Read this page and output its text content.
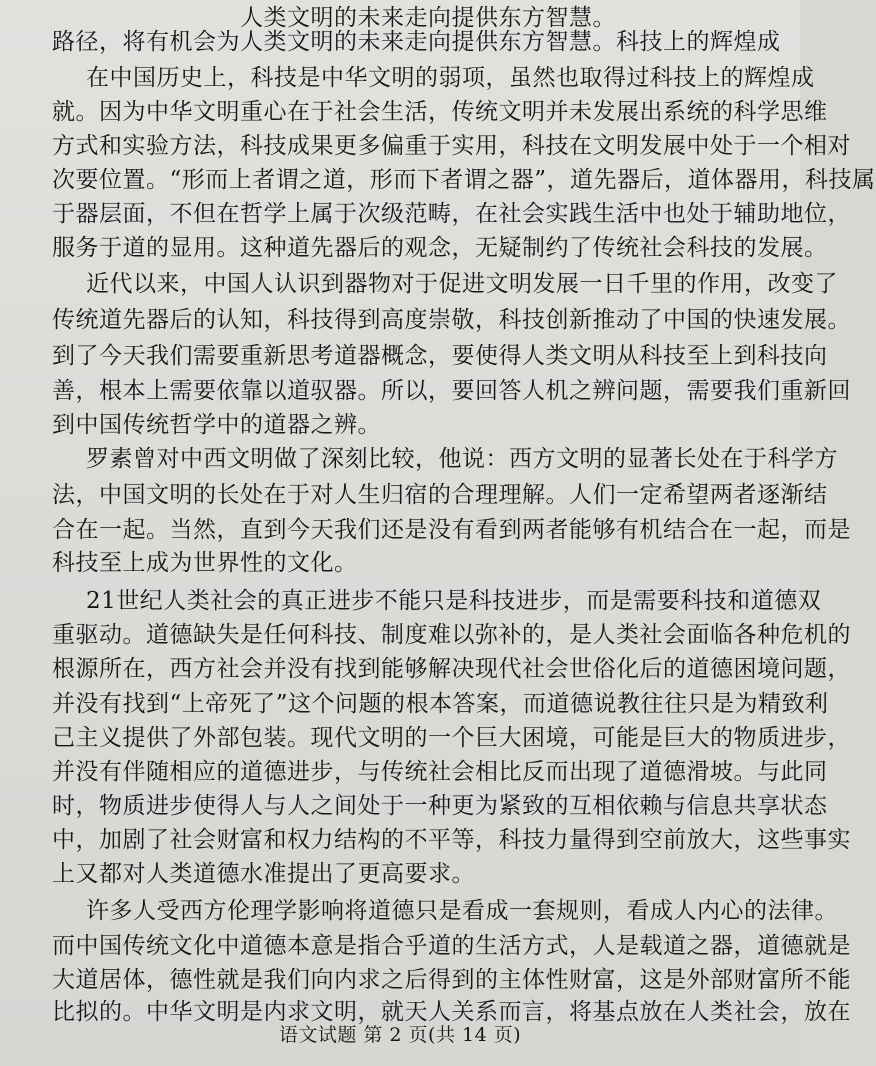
人类文明的未来走向提供东方智慧。
路径，将有机会为人类文明的未来走向提供东方智慧。科技上的辉煌成
在中国历史上，科技是中华文明的弱项，虽然也取得过科技上的辉煌成
就。因为中华文明重心在于社会生活，传统文明并未发展出系统的科学思维
方式和实验方法，科技成果更多偏重于实用，科技在文明发展中处于一个相对
次要位置。“形而上者谓之道，形而下者谓之器”，道先器后，道体器用，科技属
于器层面，不但在哲学上属于次级范畴，在社会实践生活中也处于辅助地位，
服务于道的显用。这种道先器后的观念，无疑制约了传统社会科技的发展。
近代以来，中国人认识到器物对于促进文明发展一日千里的作用，改变了
传统道先器后的认知，科技得到高度崇敬，科技创新推动了中国的快速发展。
到了今天我们需要重新思考道器概念，要使得人类文明从科技至上到科技向
善，根本上需要依靠以道驭器。所以，要回答人机之辨问题，需要我们重新回
到中国传统哲学中的道器之辨。
罗素曾对中西文明做了深刻比较，他说：西方文明的显著长处在于科学方
法，中国文明的长处在于对人生归宿的合理理解。人们一定希望两者逐渐结
合在一起。当然，直到今天我们还是没有看到两者能够有机结合在一起，而是
科技至上成为世界性的文化。
21世纪人类社会的真正进步不能只是科技进步，而是需要科技和道德双
重驱动。道德缺失是任何科技、制度难以弥补的，是人类社会面临各种危机的
根源所在，西方社会并没有找到能够解决现代社会世俗化后的道德困境问题，
并没有找到“上帝死了”这个问题的根本答案，而道德说教往往只是为精致利
己主义提供了外部包装。现代文明的一个巨大困境，可能是巨大的物质进步，
并没有伴随相应的道德进步，与传统社会相比反而出现了道德滑坡。与此同
时，物质进步使得人与人之间处于一种更为紧致的互相依赖与信息共享状态
中，加剧了社会财富和权力结构的不平等，科技力量得到空前放大，这些事实
上又都对人类道德水准提出了更高要求。
许多人受西方伦理学影响将道德只是看成一套规则，看成人内心的法律。
而中国传统文化中道德本意是指合乎道的生活方式，人是载道之器，道德就是
大道居体，德性就是我们向内求之后得到的主体性财富，这是外部财富所不能
比拟的。中华文明是内求文明，就天人关系而言，将基点放在人类社会，放在
语文试题 第 2 页(共 14 页)
